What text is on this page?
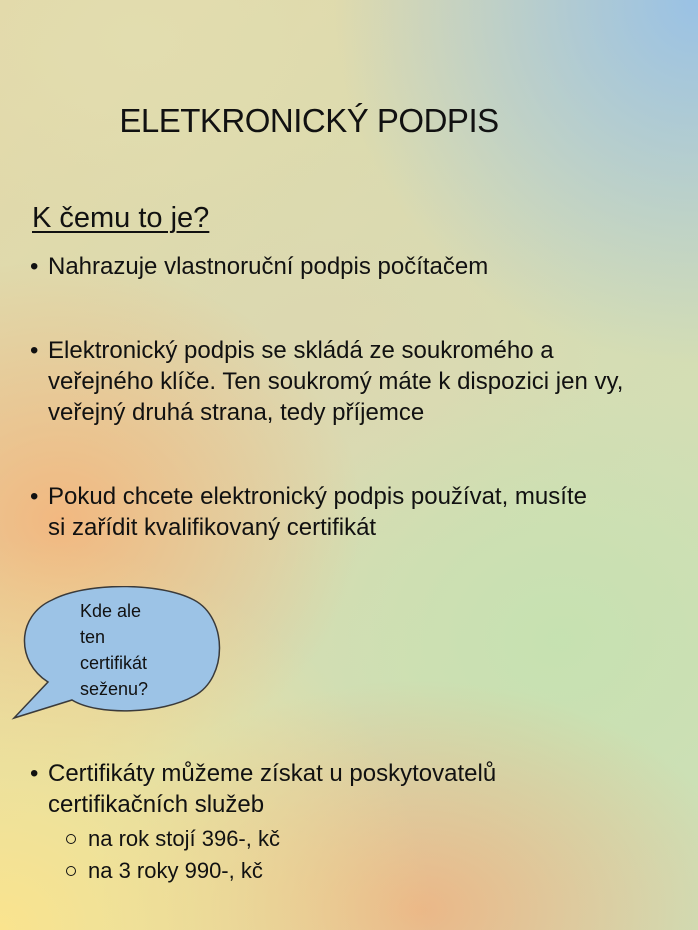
ELETKRONICKÝ PODPIS
K čemu to je?
• Nahrazuje vlastnoruční podpis počítačem
• Elektronický podpis se skládá ze soukromého a veřejného klíče. Ten soukromý máte k dispozici jen vy, veřejný druhá strana, tedy příjemce
• Pokud chcete elektronický podpis používat, musíte si zařídit kvalifikovaný certifikát
Kde ale
ten
certifikát
seženu?
• Certifikáty můžeme získat u poskytovatelů certifikačních služeb
na rok stojí 396-, kč
na 3 roky 990-, kč
